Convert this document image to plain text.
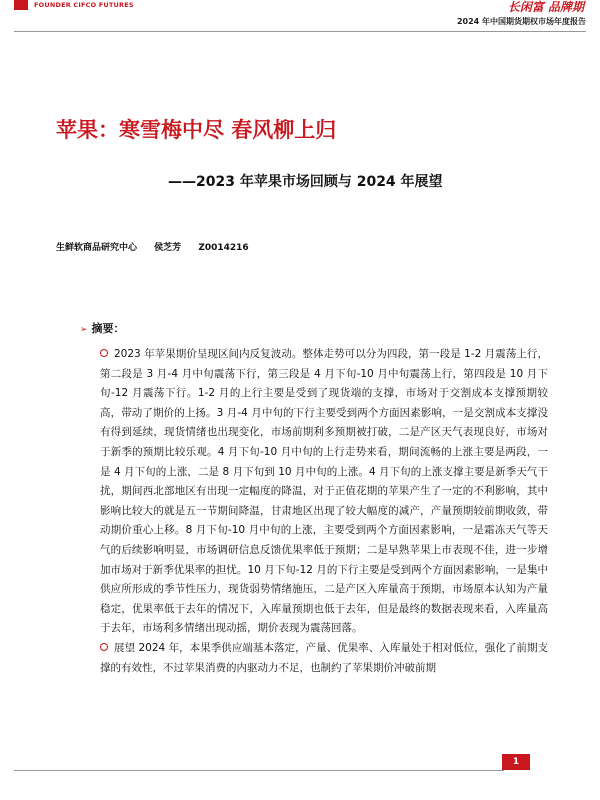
FOUNDER CIFCO FUTURES	长闲富 品牌期
2024 年中国期货期权市场年度报告
苹果：寒雪梅中尽 春风柳上归
——2023 年苹果市场回顾与 2024 年展望
生鲜软商品研究中心 侯芝芳 Z0014216
➢ 摘要：

2023 年苹果期价呈现区间内反复波动。整体走势可以分为四段，第一段是 1-2 月震荡上行，第二段是 3 月-4 月中旬震荡下行，第三段是 4 月下旬-10 月中旬震荡上行，第四段是 10 月下旬-12 月震荡下行。1-2 月的上行主要是受到了现货端的支撑，市场对于交割成本支撑预期较高，带动了期价的上扬。3 月-4 月中旬的下行主要受到两个方面因素影响，一是交割成本支撑没有得到延续，现货情绪也出现变化，市场前期利多预期被打破，二是产区天气表现良好，市场对于新季的预期比较乐观。4 月下旬-10 月中旬的上行走势来看，期间流畅的上涨主要是两段，一是 4 月下旬的上涨，二是 8 月下旬到 10 月中旬的上涨。4 月下旬的上涨支撑主要是新季天气干扰，期间西北部地区有出现一定幅度的降温，对于正值花期的苹果产生了一定的不利影响，其中影响比较大的就是五一节期间降温，甘肃地区出现了较大幅度的减产，产量预期较前期收敛，带动期价重心上移。8 月下旬-10 月中旬的上涨，主要受到两个方面因素影响，一是霜冻天气等天气的后续影响明显，市场调研信息反馈优果率低于预期；二是早熟苹果上市表现不佳，进一步增加市场对于新季优果率的担忧。10 月下旬-12 月的下行主要是受到两个方面因素影响，一是集中供应所形成的季节性压力，现货弱势情绪施压，二是产区入库量高于预期，市场原本认知为产量稳定，优果率低于去年的情况下，入库量预期也低于去年，但是最终的数据表现来看，入库量高于去年，市场利多情绪出现动摇，期价表现为震荡回落。

展望 2024 年，本果季供应端基本落定，产量、优果率、入库量处于相对低位，强化了前期支撑的有效性，不过苹果消费的内驱动力不足，也制约了苹果期价冲破前期

1
